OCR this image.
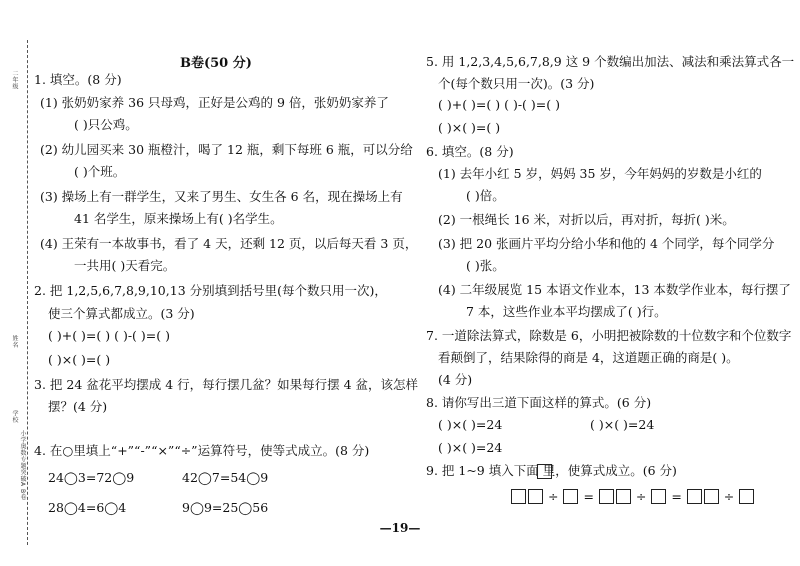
二年级
姓名
学校
小学奥数专题突破A B卷
B卷(50 分)
1. 填空。(8 分)
(1) 张奶奶家养 36 只母鸡，正好是公鸡的 9 倍，张奶奶家养了
( )只公鸡。
(2) 幼儿园买来 30 瓶橙汁，喝了 12 瓶，剩下每班 6 瓶，可以分给
( )个班。
(3) 操场上有一群学生，又来了男生、女生各 6 名，现在操场上有
41 名学生，原来操场上有( )名学生。
(4) 王荣有一本故事书，看了 4 天，还剩 12 页，以后每天看 3 页，
一共用( )天看完。
2. 把 1,2,5,6,7,8,9,10,13 分别填到括号里(每个数只用一次)，
使三个算式都成立。(3 分)
( )+( )=( ) ( )-( )=( )
( )×( )=( )
3. 把 24 盆花平均摆成 4 行，每行摆几盆？如果每行摆 4 盆，该怎样
摆？(4 分)
4. 在○里填上“+”“-”“×”“÷”运算符号，使等式成立。(8 分)
24◯3=72◯9	42◯7=54◯9
28◯4=6◯4	9◯9=25◯56
5. 用 1,2,3,4,5,6,7,8,9 这 9 个数编出加法、减法和乘法算式各一
个(每个数只用一次)。(3 分)
( )+( )=( ) ( )-( )=( )
( )×( )=( )
6. 填空。(8 分)
(1) 去年小红 5 岁，妈妈 35 岁，今年妈妈的岁数是小红的
( )倍。
(2) 一根绳长 16 米，对折以后，再对折，每折( )米。
(3) 把 20 张画片平均分给小华和他的 4 个同学，每个同学分
( )张。
(4) 二年级展览 15 本语文作业本，13 本数学作业本，每行摆了
7 本，这些作业本平均摆成了( )行。
7. 一道除法算式，除数是 6，小明把被除数的十位数字和个位数字
看颠倒了，结果除得的商是 4，这道题正确的商是( )。
(4 分)
8. 请你写出三道下面这样的算式。(6 分)
( )×( )=24	( )×( )=24
( )×( )=24
9. 把 1~9 填入下面 里，使算式成立。(6 分)
÷ =	÷ =	÷
—19—
